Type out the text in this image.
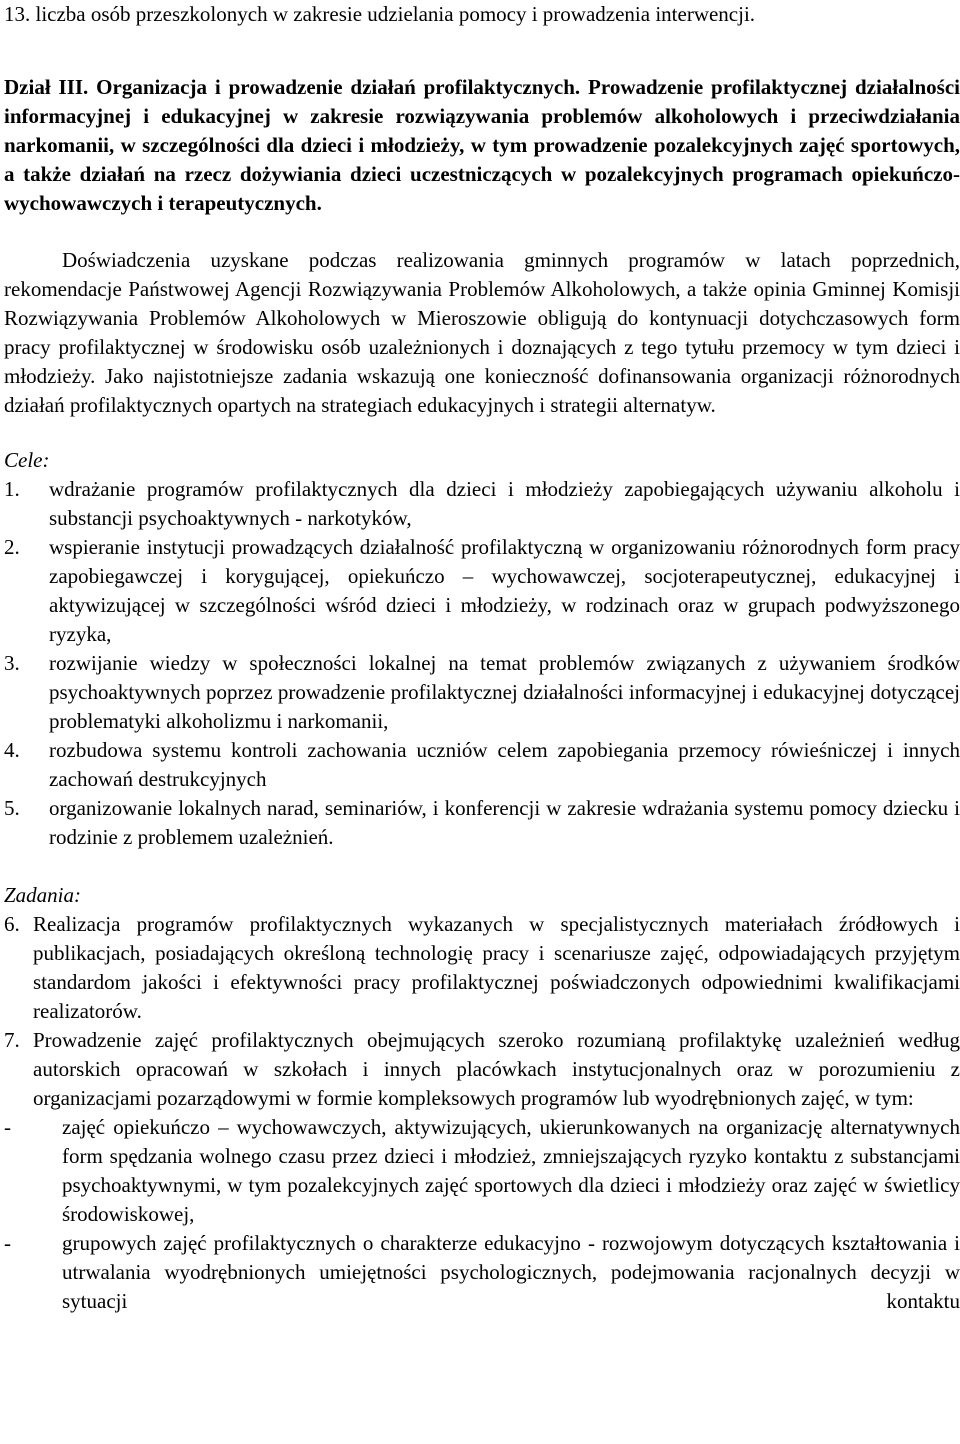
13. liczba osób przeszkolonych w zakresie udzielania pomocy i prowadzenia interwencji.

Dział III. Organizacja i prowadzenie działań profilaktycznych. Prowadzenie profilaktycznej działalności informacyjnej i edukacyjnej w zakresie rozwiązywania problemów alkoholowych i przeciwdziałania narkomanii, w szczególności dla dzieci i młodzieży, w tym prowadzenie pozalekcyjnych zajęć sportowych, a także działań na rzecz dożywiania dzieci uczestniczących w pozalekcyjnych programach opiekuńczo-wychowawczych i terapeutycznych.

Doświadczenia uzyskane podczas realizowania gminnych programów w latach poprzednich, rekomendacje Państwowej Agencji Rozwiązywania Problemów Alkoholowych, a także opinia Gminnej Komisji Rozwiązywania Problemów Alkoholowych w Mieroszowie obligują do kontynuacji dotychczasowych form pracy profilaktycznej w środowisku osób uzależnionych i doznających z tego tytułu przemocy w tym dzieci i młodzieży. Jako najistotniejsze zadania wskazują one konieczność dofinansowania organizacji różnorodnych działań profilaktycznych opartych na strategiach edukacyjnych i strategii alternatyw.

Cele:

1. wdrażanie programów profilaktycznych dla dzieci i młodzieży zapobiegających używaniu alkoholu i substancji psychoaktywnych - narkotyków,
2. wspieranie instytucji prowadzących działalność profilaktyczną w organizowaniu różnorodnych form pracy zapobiegawczej i korygującej, opiekuńczo – wychowawczej, socjoterapeutycznej, edukacyjnej i aktywizującej w szczególności wśród dzieci i młodzieży, w rodzinach oraz w grupach podwyższonego ryzyka,
3. rozwijanie wiedzy w społeczności lokalnej na temat problemów związanych z używaniem środków psychoaktywnych poprzez prowadzenie profilaktycznej działalności informacyjnej i edukacyjnej dotyczącej problematyki alkoholizmu i narkomanii,
4. rozbudowa systemu kontroli zachowania uczniów celem zapobiegania przemocy rówieśniczej i innych zachowań destrukcyjnych
5. organizowanie lokalnych narad, seminariów, i konferencji w zakresie wdrażania systemu pomocy dziecku i rodzinie z problemem uzależnień.

Zadania:

6. Realizacja programów profilaktycznych wykazanych w specjalistycznych materiałach źródłowych i publikacjach, posiadających określoną technologię pracy i scenariusze zajęć, odpowiadających przyjętym standardom jakości i efektywności pracy profilaktycznej poświadczonych odpowiednimi kwalifikacjami realizatorów.
7. Prowadzenie zajęć profilaktycznych obejmujących szeroko rozumianą profilaktykę uzależnień według autorskich opracowań w szkołach i innych placówkach instytucjonalnych oraz w porozumieniu z organizacjami pozarządowymi w formie kompleksowych programów lub wyodrębnionych zajęć, w tym:
- zajęć opiekuńczo – wychowawczych, aktywizujących, ukierunkowanych na organizację alternatywnych form spędzania wolnego czasu przez dzieci i młodzież, zmniejszających ryzyko kontaktu z substancjami psychoaktywnymi, w tym pozalekcyjnych zajęć sportowych dla dzieci i młodzieży oraz zajęć w świetlicy środowiskowej,
- grupowych zajęć profilaktycznych o charakterze edukacyjno - rozwojowym dotyczących kształtowania i utrwalania wyodrębnionych umiejętności psychologicznych, podejmowania racjonalnych decyzji w sytuacji kontaktu
